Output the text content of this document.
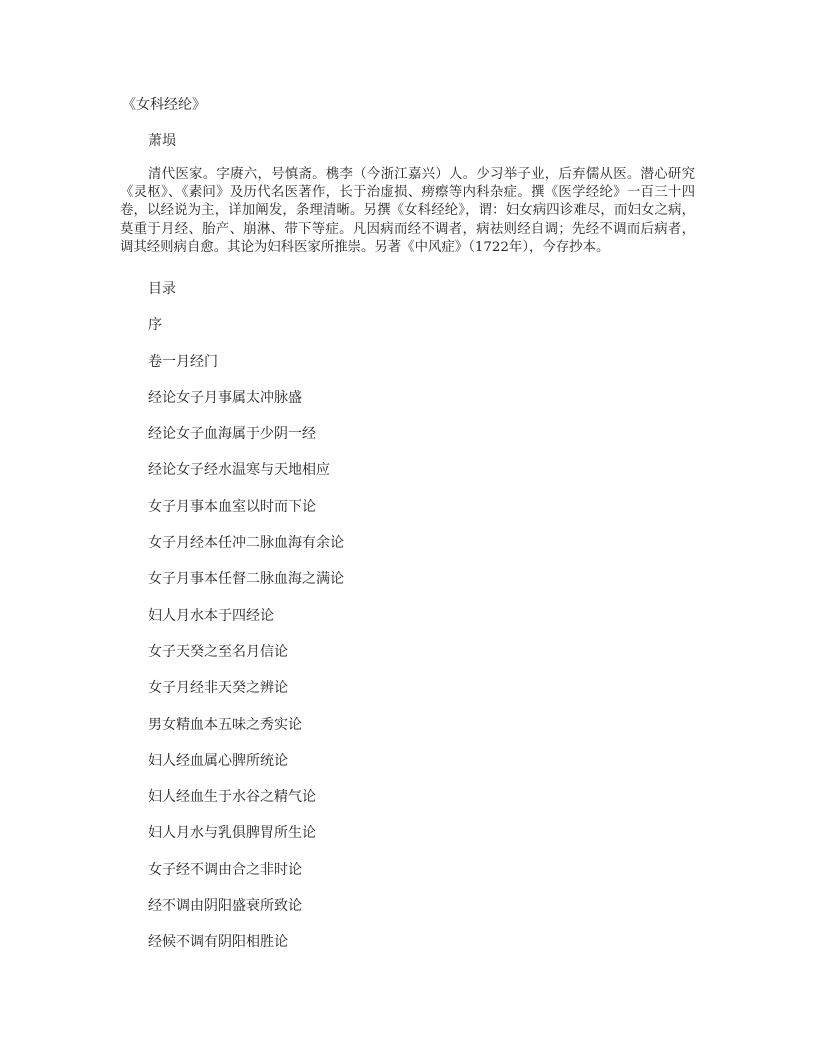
《女科经纶》
萧埙

清代医家。字赓六，号慎斋。槜李（今浙江嘉兴）人。少习举子业，后弃儒从医。潜心研究《灵枢》、《素问》及历代名医著作，长于治虚损、痨瘵等内科杂症。撰《医学经纶》一百三十四卷，以经说为主，详加阐发，条理清晰。另撰《女科经纶》，谓：妇女病四诊难尽，而妇女之病，莫重于月经、胎产、崩淋、带下等症。凡因病而经不调者，病祛则经自调；先经不调而后病者，调其经则病自愈。其论为妇科医家所推崇。另著《中风症》（1722年），今存抄本。

目录
序
卷一月经门
经论女子月事属太冲脉盛
经论女子血海属于少阴一经
经论女子经水温寒与天地相应
女子月事本血室以时而下论
女子月经本任冲二脉血海有余论
女子月事本任督二脉血海之满论
妇人月水本于四经论
女子天癸之至名月信论
女子月经非天癸之辨论
男女精血本五味之秀实论
妇人经血属心脾所统论
妇人经血生于水谷之精气论
妇人月水与乳俱脾胃所生论
女子经不调由合之非时论
经不调由阴阳盛衰所致论
经候不调有阴阳相胜论
